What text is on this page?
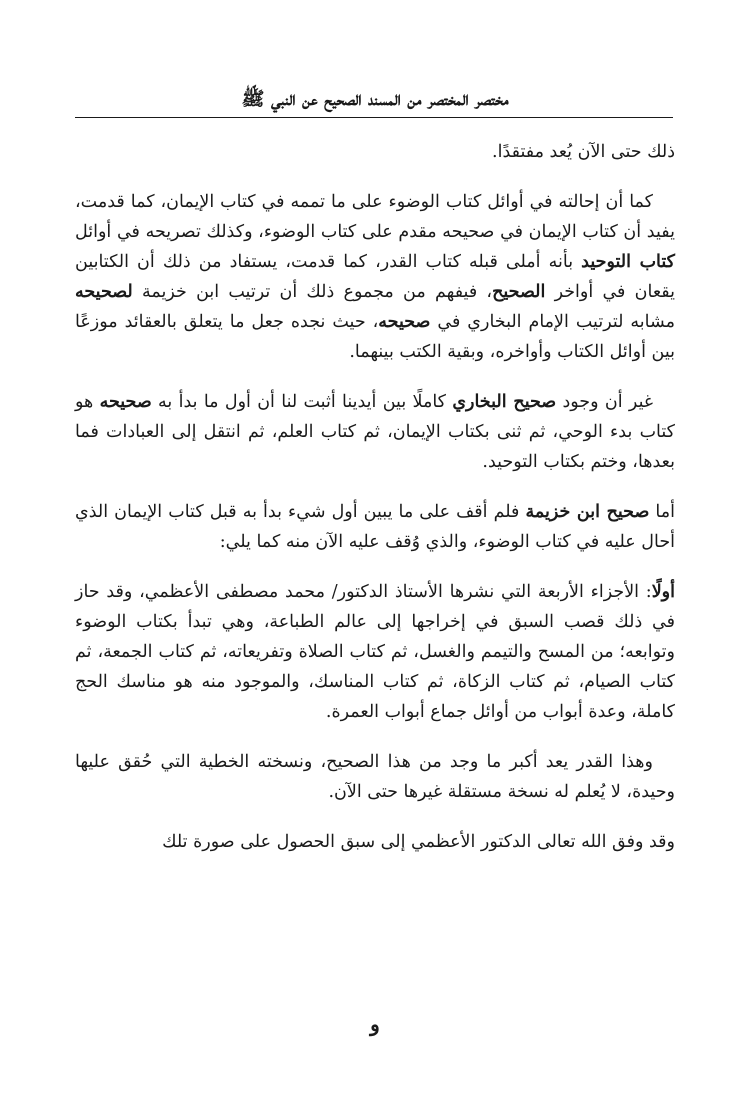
مختصر المختصر من المسند الصحيح عن النبي ﷺ

ذلك حتى الآن يُعد مفتقدًا.

كما أن إحالته في أوائل كتاب الوضوء على ما تممه في كتاب الإيمان، كما قدمت، يفيد أن كتاب الإيمان في صحيحه مقدم على كتاب الوضوء، وكذلك تصريحه في أوائل كتاب التوحيد بأنه أملى قبله كتاب القدر، كما قدمت، يستفاد من ذلك أن الكتابين يقعان في أواخر الصحيح، فيفهم من مجموع ذلك أن ترتيب ابن خزيمة لصحيحه مشابه لترتيب الإمام البخاري في صحيحه، حيث نجده جعل ما يتعلق بالعقائد موزعًا بين أوائل الكتاب وأواخره، وبقية الكتب بينهما.

غير أن وجود صحيح البخاري كاملًا بين أيدينا أثبت لنا أن أول ما بدأ به صحيحه هو كتاب بدء الوحي، ثم ثنى بكتاب الإيمان، ثم كتاب العلم، ثم انتقل إلى العبادات فما بعدها، وختم بكتاب التوحيد.

أما صحيح ابن خزيمة فلم أقف على ما يبين أول شيء بدأ به قبل كتاب الإيمان الذي أحال عليه في كتاب الوضوء، والذي وُقف عليه الآن منه كما يلي:

أولًا: الأجزاء الأربعة التي نشرها الأستاذ الدكتور/ محمد مصطفى الأعظمي، وقد حاز في ذلك قصب السبق في إخراجها إلى عالم الطباعة، وهي تبدأ بكتاب الوضوء وتوابعه؛ من المسح والتيمم والغسل، ثم كتاب الصلاة وتفريعاته، ثم كتاب الجمعة، ثم كتاب الصيام، ثم كتاب الزكاة، ثم كتاب المناسك، والموجود منه هو مناسك الحج كاملة، وعدة أبواب من أوائل جماع أبواب العمرة.

وهذا القدر يعد أكبر ما وجد من هذا الصحيح، ونسخته الخطية التي حُقق عليها وحيدة، لا يُعلم له نسخة مستقلة غيرها حتى الآن.

وقد وفق الله تعالى الدكتور الأعظمي إلى سبق الحصول على صورة تلك

و
